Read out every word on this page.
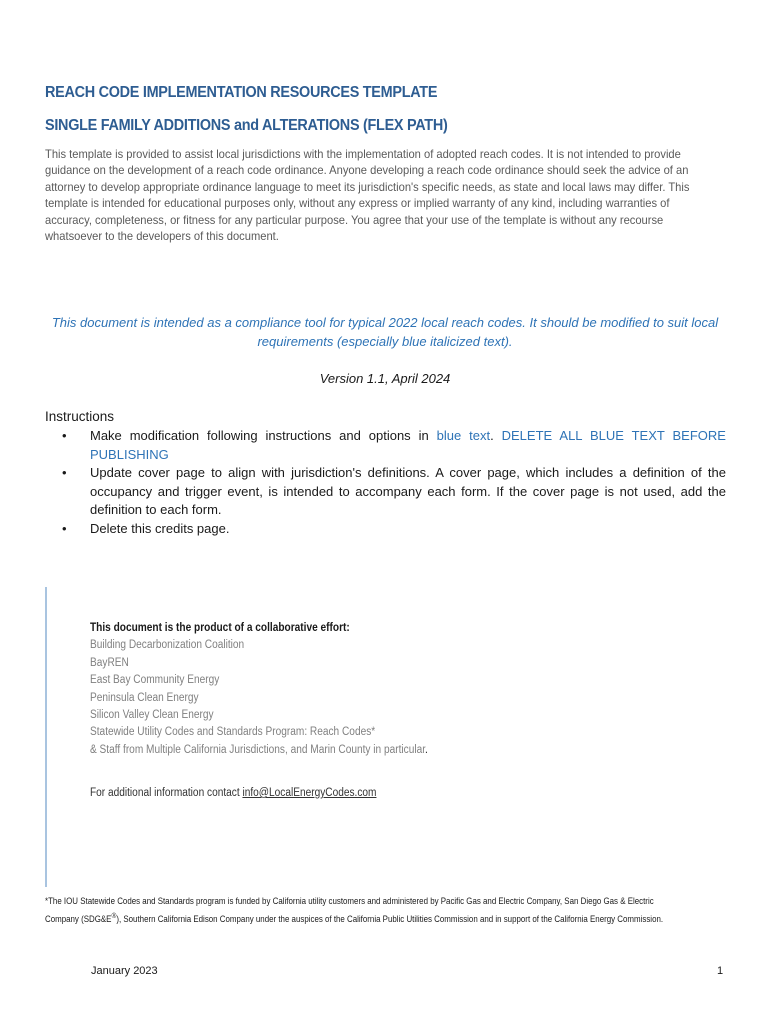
REACH CODE IMPLEMENTATION RESOURCES TEMPLATE
SINGLE FAMILY ADDITIONS and ALTERATIONS (FLEX PATH)
This template is provided to assist local jurisdictions with the implementation of adopted reach codes. It is not intended to provide guidance on the development of a reach code ordinance. Anyone developing a reach code ordinance should seek the advice of an attorney to develop appropriate ordinance language to meet its jurisdiction's specific needs, as state and local laws may differ. This template is intended for educational purposes only, without any express or implied warranty of any kind, including warranties of accuracy, completeness, or fitness for any particular purpose. You agree that your use of the template is without any recourse whatsoever to the developers of this document.
This document is intended as a compliance tool for typical 2022 local reach codes. It should be modified to suit local requirements (especially blue italicized text).
Version 1.1, April 2024
Instructions
• Make modification following instructions and options in blue text. DELETE ALL BLUE TEXT BEFORE PUBLISHING
• Update cover page to align with jurisdiction's definitions. A cover page, which includes a definition of the occupancy and trigger event, is intended to accompany each form. If the cover page is not used, add the definition to each form.
• Delete this credits page.
This document is the product of a collaborative effort:
Building Decarbonization Coalition
BayREN
East Bay Community Energy
Peninsula Clean Energy
Silicon Valley Clean Energy
Statewide Utility Codes and Standards Program: Reach Codes*
& Staff from Multiple California Jurisdictions, and Marin County in particular.
For additional information contact info@LocalEnergyCodes.com
*The IOU Statewide Codes and Standards program is funded by California utility customers and administered by Pacific Gas and Electric Company, San Diego Gas & Electric Company (SDG&E®), Southern California Edison Company under the auspices of the California Public Utilities Commission and in support of the California Energy Commission.
January 2023	1
